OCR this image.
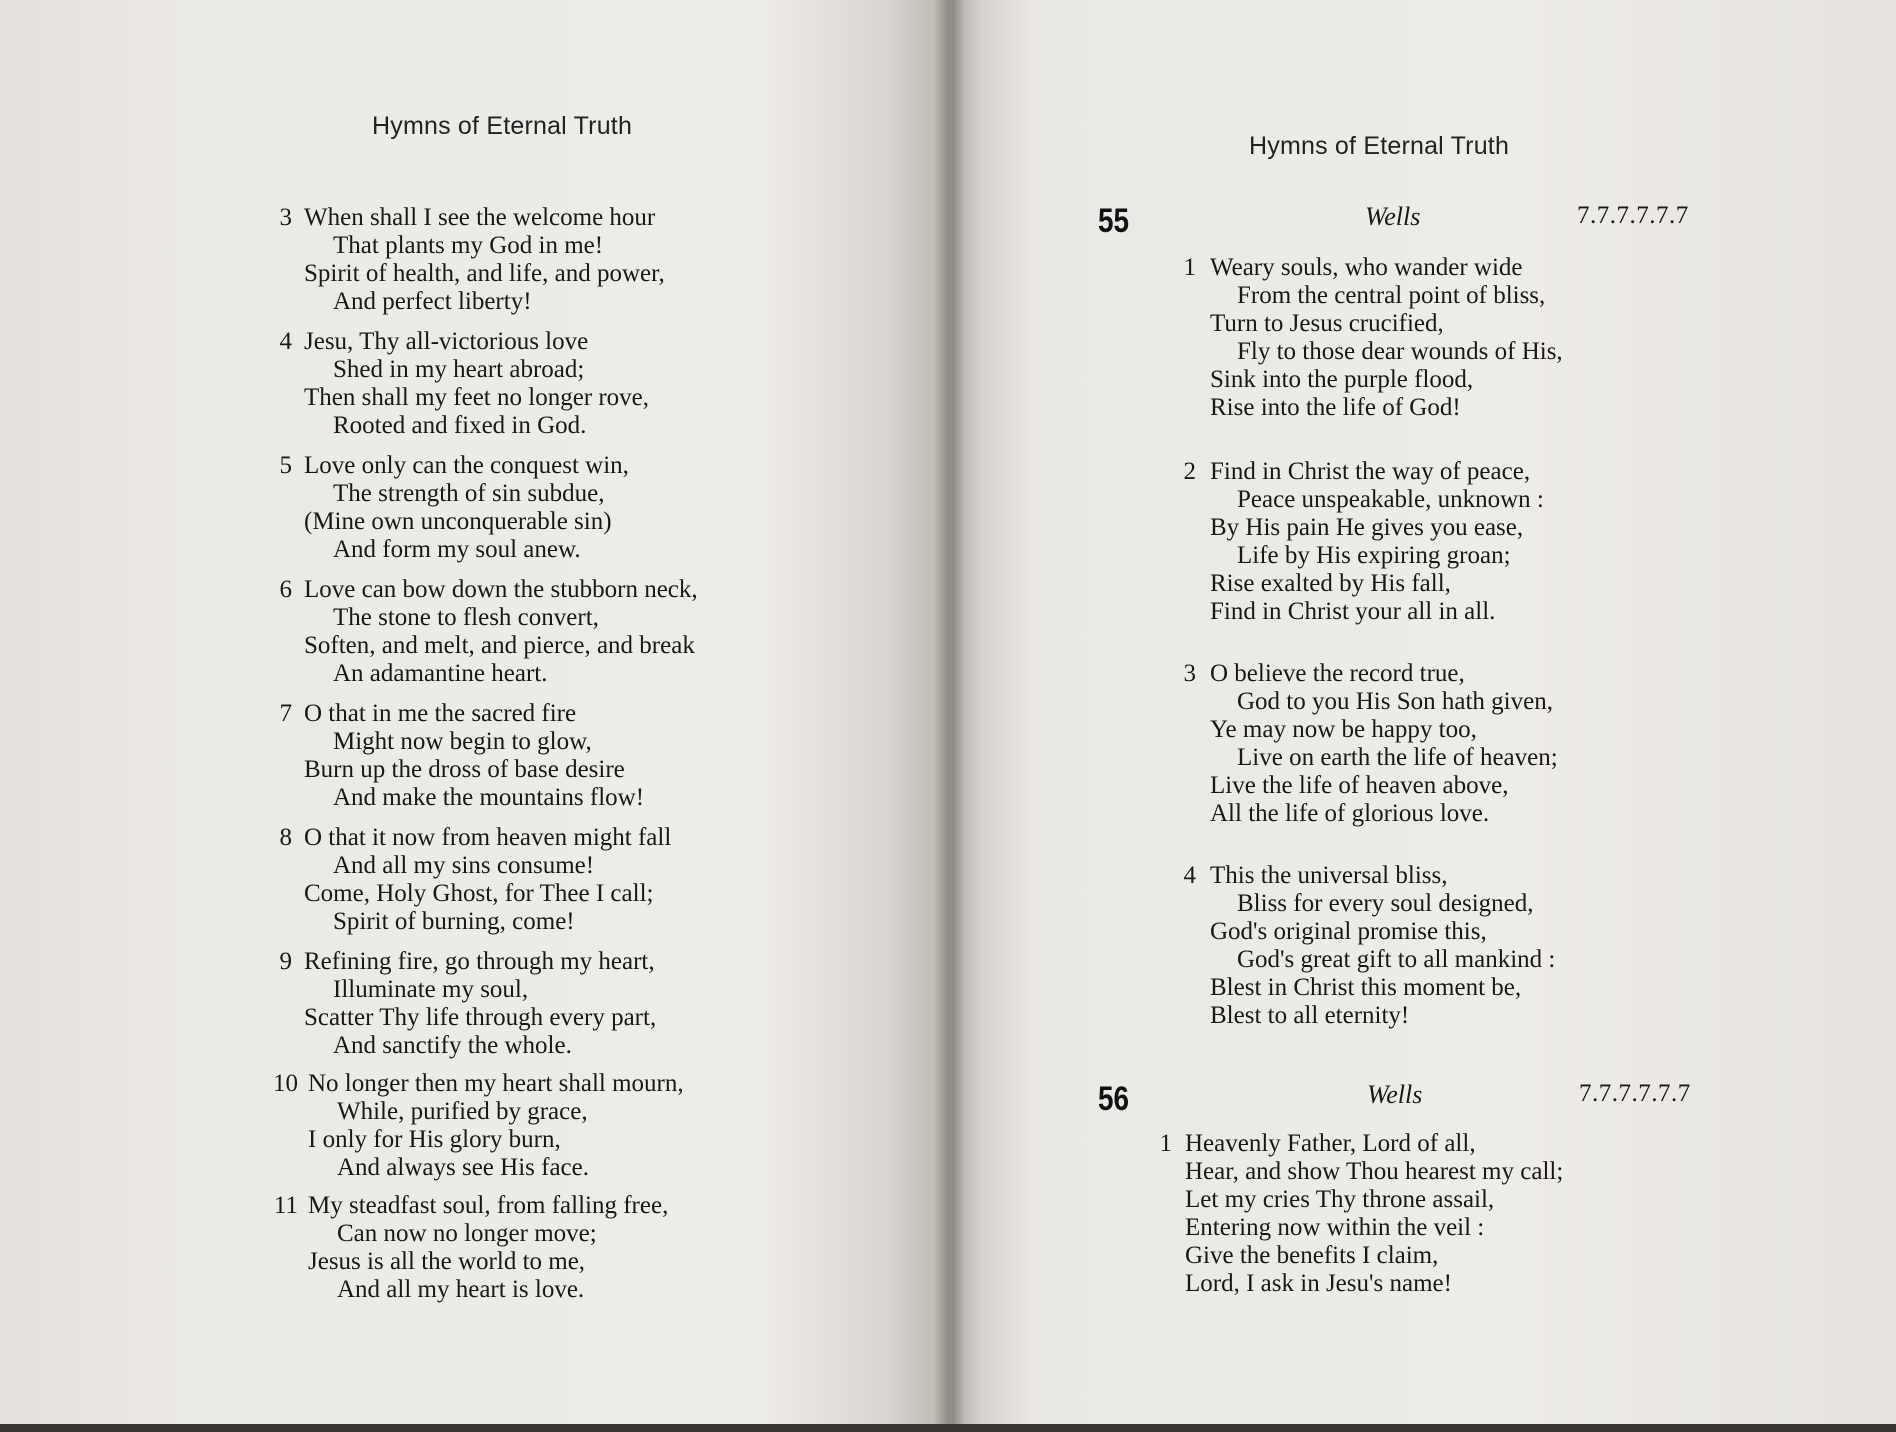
Hymns of Eternal Truth
3 When shall I see the welcome hour
That plants my God in me!
Spirit of health, and life, and power,
And perfect liberty!
4 Jesu, Thy all-victorious love
Shed in my heart abroad;
Then shall my feet no longer rove,
Rooted and fixed in God.
5 Love only can the conquest win,
The strength of sin subdue,
(Mine own unconquerable sin)
And form my soul anew.
6 Love can bow down the stubborn neck,
The stone to flesh convert,
Soften, and melt, and pierce, and break
An adamantine heart.
7 O that in me the sacred fire
Might now begin to glow,
Burn up the dross of base desire
And make the mountains flow!
8 O that it now from heaven might fall
And all my sins consume!
Come, Holy Ghost, for Thee I call;
Spirit of burning, come!
9 Refining fire, go through my heart,
Illuminate my soul,
Scatter Thy life through every part,
And sanctify the whole.
10 No longer then my heart shall mourn,
While, purified by grace,
I only for His glory burn,
And always see His face.
11 My steadfast soul, from falling free,
Can now no longer move;
Jesus is all the world to me,
And all my heart is love.
Hymns of Eternal Truth
55	Wells	7.7.7.7.7.7
1 Weary souls, who wander wide
From the central point of bliss,
Turn to Jesus crucified,
Fly to those dear wounds of His,
Sink into the purple flood,
Rise into the life of God!
2 Find in Christ the way of peace,
Peace unspeakable, unknown :
By His pain He gives you ease,
Life by His expiring groan;
Rise exalted by His fall,
Find in Christ your all in all.
3 O believe the record true,
God to you His Son hath given,
Ye may now be happy too,
Live on earth the life of heaven;
Live the life of heaven above,
All the life of glorious love.
4 This the universal bliss,
Bliss for every soul designed,
God's original promise this,
God's great gift to all mankind :
Blest in Christ this moment be,
Blest to all eternity!
56	Wells	7.7.7.7.7.7
1 Heavenly Father, Lord of all,
Hear, and show Thou hearest my call;
Let my cries Thy throne assail,
Entering now within the veil :
Give the benefits I claim,
Lord, I ask in Jesu's name!
